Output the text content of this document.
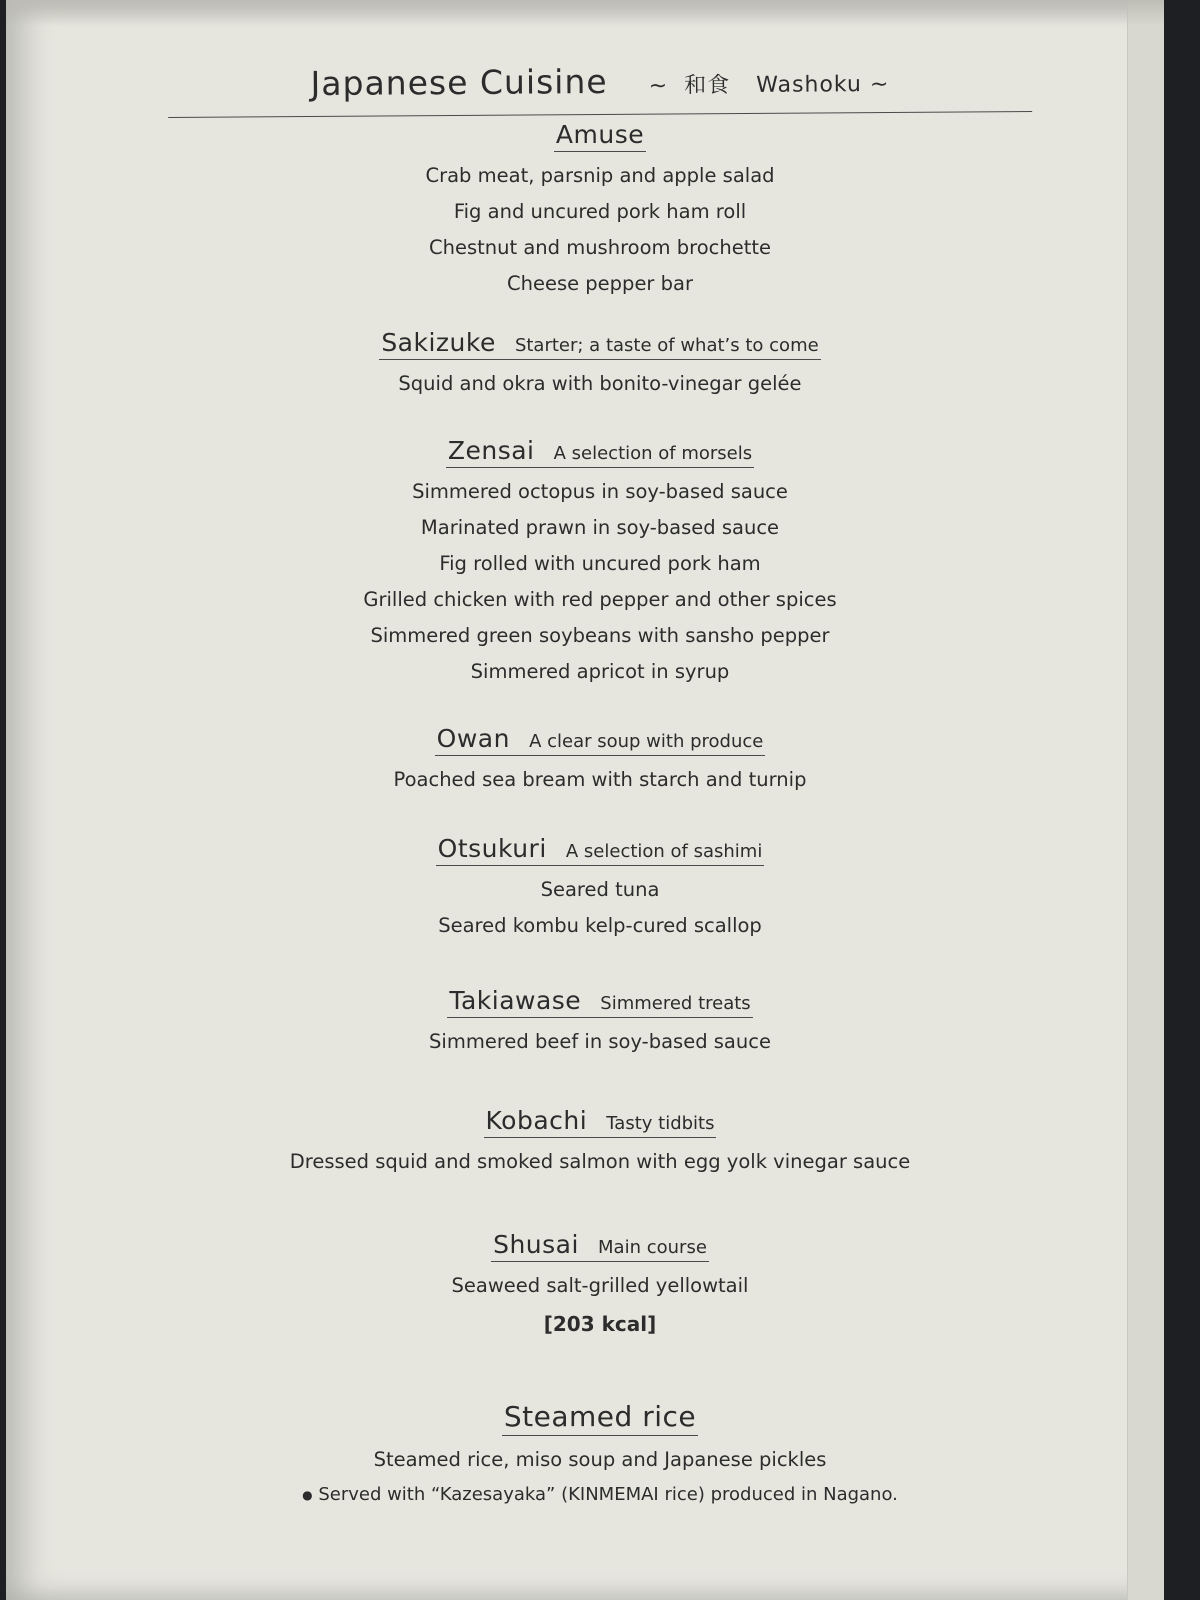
Japanese Cuisine ~ 和食 Washoku ~
Amuse
Crab meat, parsnip and apple salad
Fig and uncured pork ham roll
Chestnut and mushroom brochette
Cheese pepper bar
Sakizuke Starter; a taste of what’s to come
Squid and okra with bonito-vinegar gelée
Zensai A selection of morsels
Simmered octopus in soy-based sauce
Marinated prawn in soy-based sauce
Fig rolled with uncured pork ham
Grilled chicken with red pepper and other spices
Simmered green soybeans with sansho pepper
Simmered apricot in syrup
Owan A clear soup with produce
Poached sea bream with starch and turnip
Otsukuri A selection of sashimi
Seared tuna
Seared kombu kelp-cured scallop
Takiawase Simmered treats
Simmered beef in soy-based sauce
Kobachi Tasty tidbits
Dressed squid and smoked salmon with egg yolk vinegar sauce
Shusai Main course
Seaweed salt-grilled yellowtail
[203 kcal]
Steamed rice
Steamed rice, miso soup and Japanese pickles
● Served with “Kazesayaka” (KINMEMAI rice) produced in Nagano.
